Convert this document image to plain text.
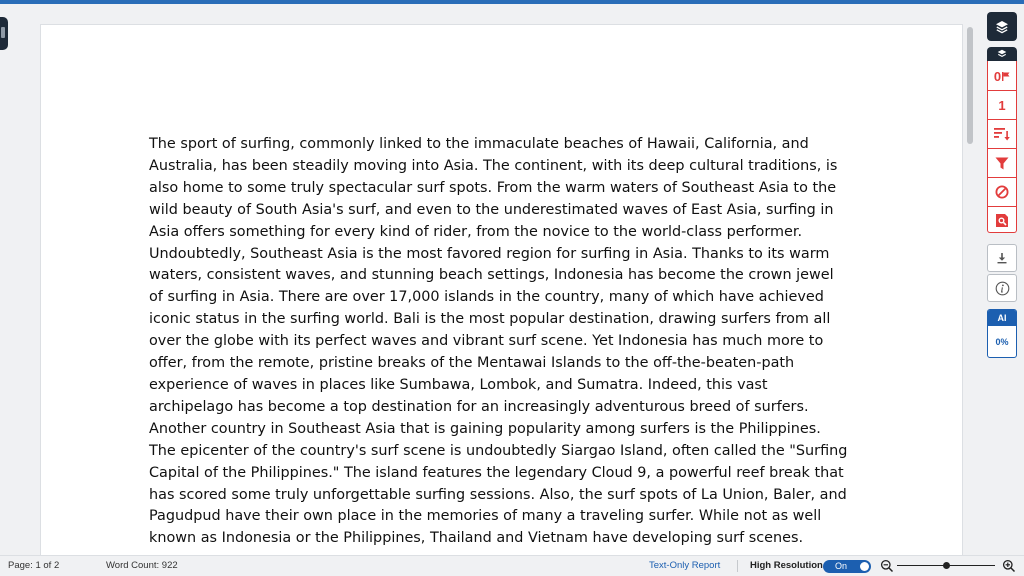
The sport of surfing, commonly linked to the immaculate beaches of Hawaii, California, and
Australia, has been steadily moving into Asia. The continent, with its deep cultural traditions, is
also home to some truly spectacular surf spots. From the warm waters of Southeast Asia to the
wild beauty of South Asia's surf, and even to the underestimated waves of East Asia, surfing in
Asia offers something for every kind of rider, from the novice to the world-class performer.
Undoubtedly, Southeast Asia is the most favored region for surfing in Asia. Thanks to its warm
waters, consistent waves, and stunning beach settings, Indonesia has become the crown jewel
of surfing in Asia. There are over 17,000 islands in the country, many of which have achieved
iconic status in the surfing world. Bali is the most popular destination, drawing surfers from all
over the globe with its perfect waves and vibrant surf scene. Yet Indonesia has much more to
offer, from the remote, pristine breaks of the Mentawai Islands to the off-the-beaten-path
experience of waves in places like Sumbawa, Lombok, and Sumatra. Indeed, this vast
archipelago has become a top destination for an increasingly adventurous breed of surfers.
Another country in Southeast Asia that is gaining popularity among surfers is the Philippines.
The epicenter of the country's surf scene is undoubtedly Siargao Island, often called the "Surfing
Capital of the Philippines." The island features the legendary Cloud 9, a powerful reef break that
has scored some truly unforgettable surfing sessions. Also, the surf spots of La Union, Baler, and
Pagudpud have their own place in the memories of many a traveling surfer. While not as well
known as Indonesia or the Philippines, Thailand and Vietnam have developing surf scenes.
0
1
AI
0%
Page: 1 of 2	Word Count: 922	Text-Only Report	High Resolution On
